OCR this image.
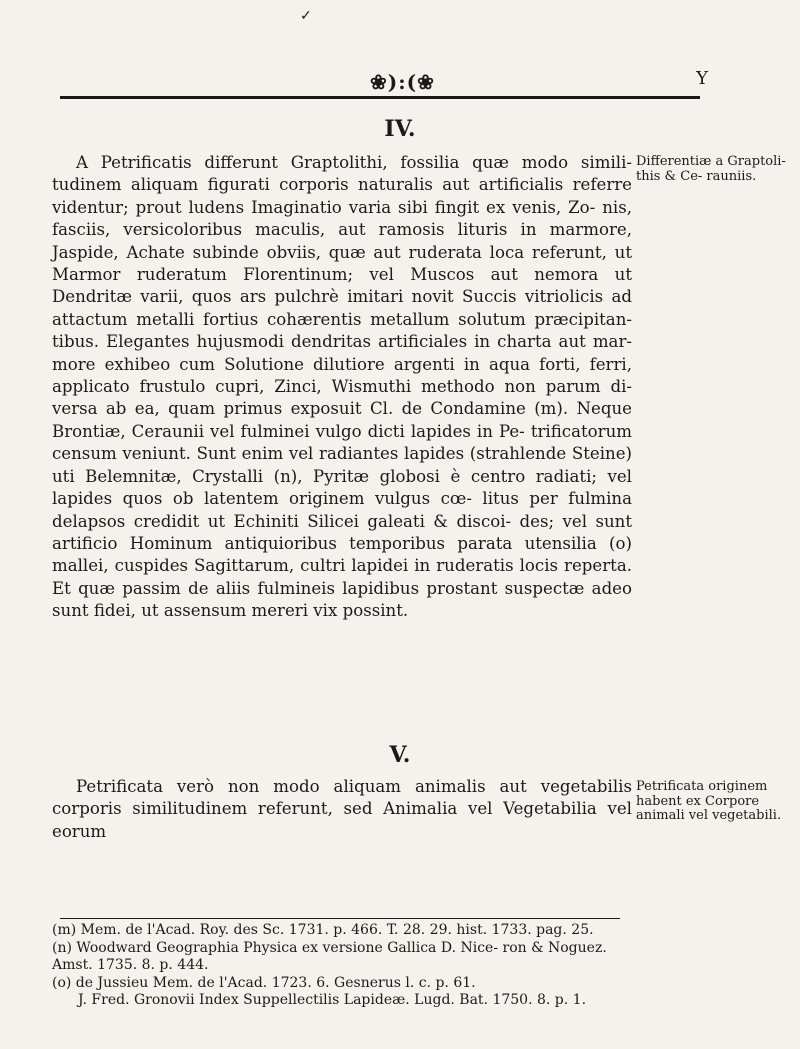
✓
❀):(❀	Y
IV.

A Petrificatis differunt Graptolithi, fossilia quæ modo simili- tudinem aliquam figurati corporis naturalis aut artificialis referre videntur; prout ludens Imaginatio varia sibi fingit ex venis, Zo- nis, fasciis, versicoloribus maculis, aut ramosis lituris in marmore, Jaspide, Achate subinde obviis, quæ aut ruderata loca referunt, ut Marmor ruderatum Florentinum; vel Muscos aut nemora ut Dendritæ varii, quos ars pulchrè imitari novit Succis vitriolicis ad attactum metalli fortius cohærentis metallum solutum præcipitan- tibus. Elegantes hujusmodi dendritas artificiales in charta aut mar- more exhibeo cum Solutione dilutiore argenti in aqua forti, ferri, applicato frustulo cupri, Zinci, Wismuthi methodo non parum di- versa ab ea, quam primus exposuit Cl. de Condamine (m). Neque Brontiæ, Ceraunii vel fulminei vulgo dicti lapides in Pe- trificatorum censum veniunt. Sunt enim vel radiantes lapides (strahlende Steine) uti Belemnitæ, Crystalli (n), Pyritæ globosi è centro radiati; vel lapides quos ob latentem originem vulgus cœ- litus per fulmina delapsos credidit ut Echiniti Silicei galeati & discoi- des; vel sunt artificio Hominum antiquioribus temporibus parata utensilia (o) mallei, cuspides Sagittarum, cultri lapidei in ruderatis locis reperta. Et quæ passim de aliis fulmineis lapidibus prostant suspectæ adeo sunt fidei, ut assensum mereri vix possint.

Differentiæ a Graptoli- this & Ce- rauniis.
V.

Petrificata verò non modo aliquam animalis aut vegetabilis corporis similitudinem referunt, sed Animalia vel Vegetabilia vel eorum

Petrificata originem habent ex Corpore animali vel vegetabili.

(m) Mem. de l'Acad. Roy. des Sc. 1731. p. 466. T. 28. 29. hist. 1733. pag. 25.

(n) Woodward Geographia Physica ex versione Gallica D. Nice- ron & Noguez. Amst. 1735. 8. p. 444.

(o) de Jussieu Mem. de l'Acad. 1723. 6. Gesnerus l. c. p. 61.

J. Fred. Gronovii Index Suppellectilis Lapideæ. Lugd. Bat. 1750. 8. p. 1.
